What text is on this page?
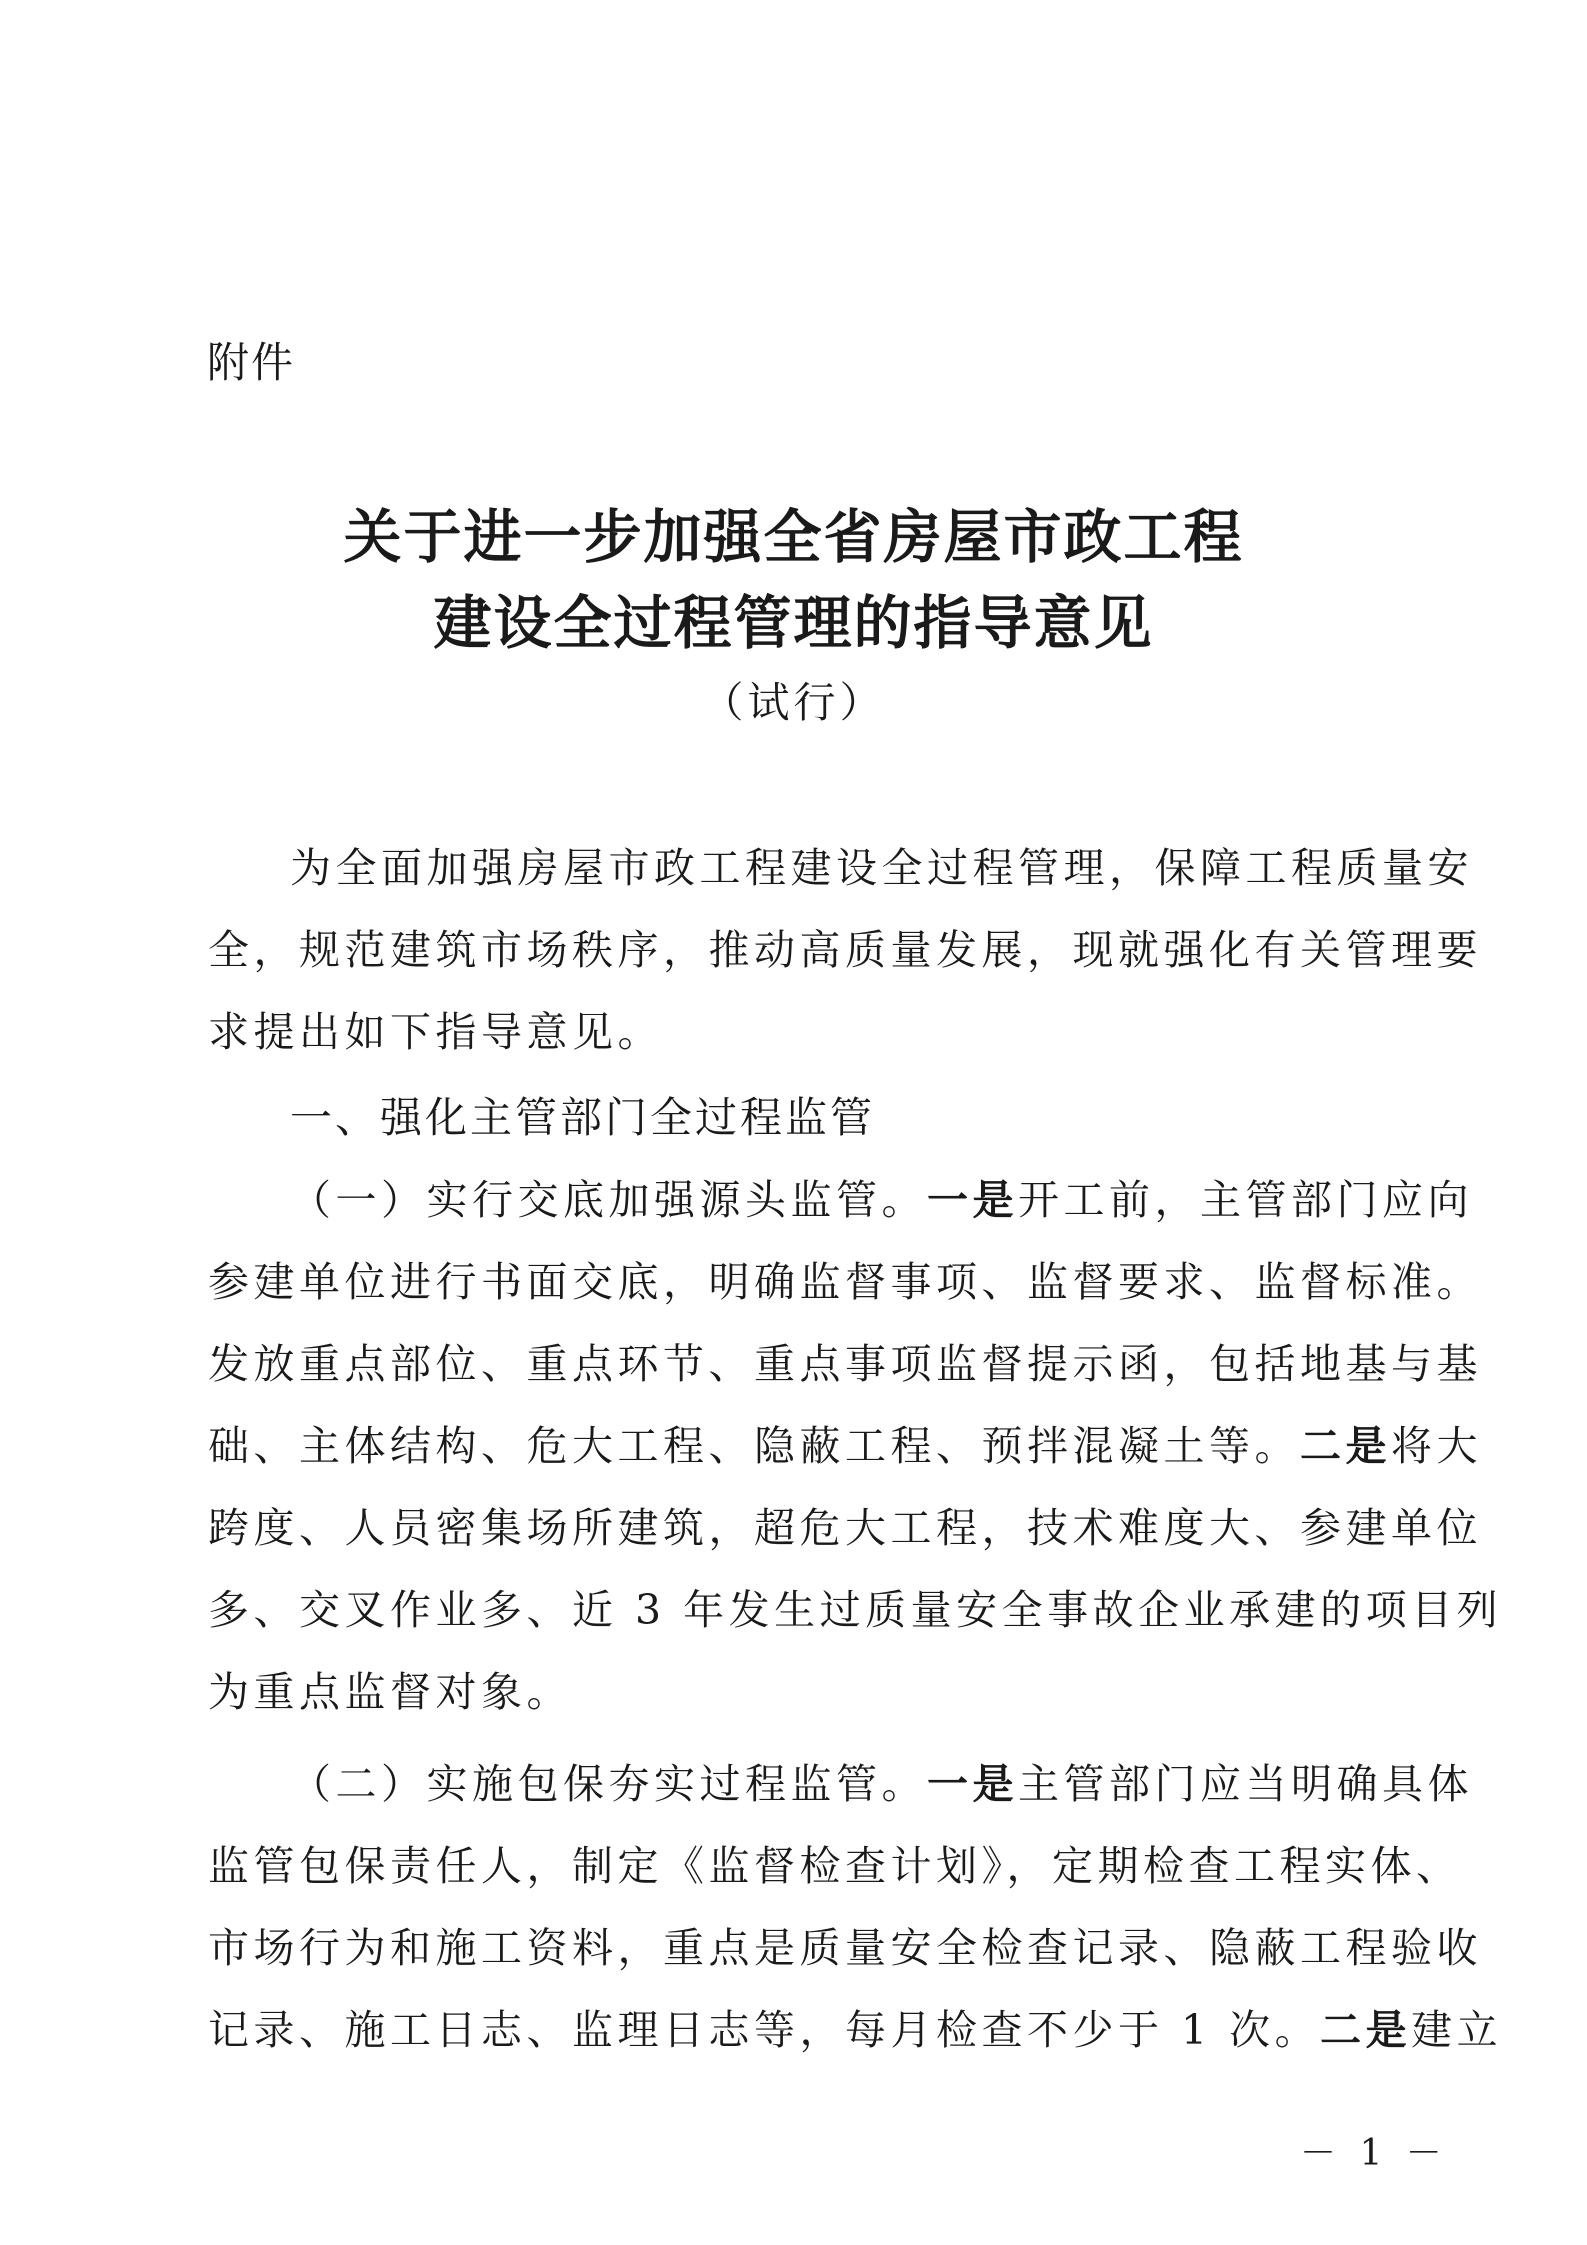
附件
关于进一步加强全省房屋市政工程
建设全过程管理的指导意见
（试行）
为全面加强房屋市政工程建设全过程管理，保障工程质量安
全，规范建筑市场秩序，推动高质量发展，现就强化有关管理要
求提出如下指导意见。
一、强化主管部门全过程监管
（一）实行交底加强源头监管。一是开工前，主管部门应向
参建单位进行书面交底，明确监督事项、监督要求、监督标准。
发放重点部位、重点环节、重点事项监督提示函，包括地基与基
础、主体结构、危大工程、隐蔽工程、预拌混凝土等。二是将大
跨度、人员密集场所建筑，超危大工程，技术难度大、参建单位
多、交叉作业多、近 3 年发生过质量安全事故企业承建的项目列
为重点监督对象。
（二）实施包保夯实过程监管。一是主管部门应当明确具体
监管包保责任人，制定《监督检查计划》，定期检查工程实体、
市场行为和施工资料，重点是质量安全检查记录、隐蔽工程验收
记录、施工日志、监理日志等，每月检查不少于 1 次。二是建立
－ 1 －
